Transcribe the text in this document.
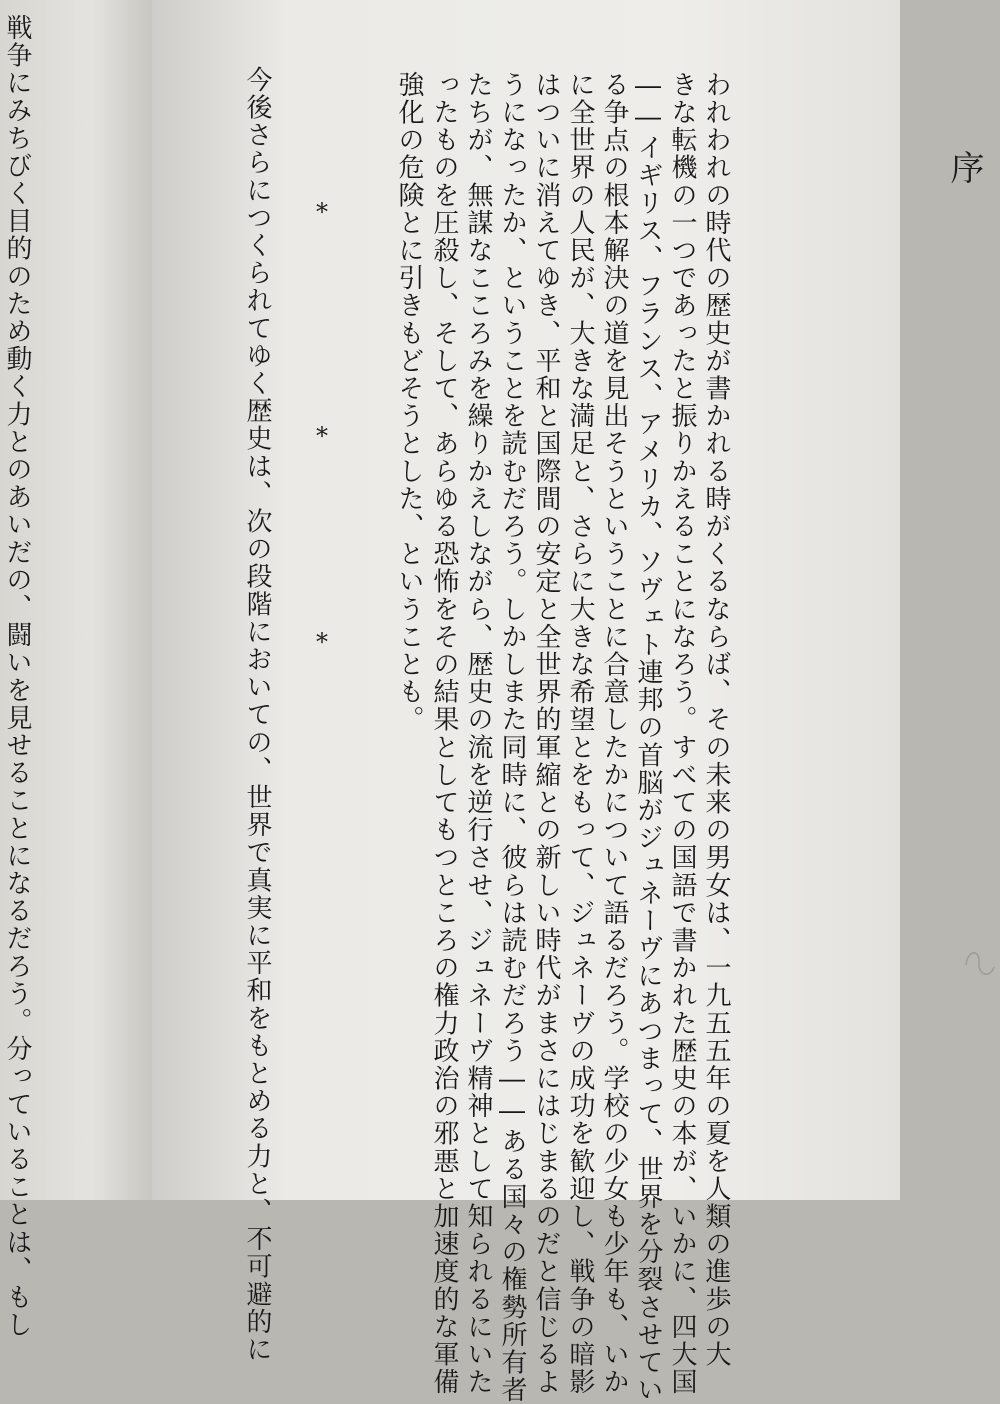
戦争にみちびく目的のため動く力とのあいだの、闘いを見せることになるだろう。分っていることは、もし	序
われわれの時代の歴史が書かれる時がくるならば、その未来の男女は、一九五五年の夏を人類の進歩の大
きな転機の一つであったと振りかえることになろう。すべての国語で書かれた歴史の本が、いかに、四大国
――イギリス、フランス、アメリカ、ソヴェト連邦の首脳がジュネーヴにあつまって、世界を分裂させてい
る争点の根本解決の道を見出そうということに合意したかについて語るだろう。学校の少女も少年も、いか
に全世界の人民が、大きな満足と、さらに大きな希望とをもって、ジュネーヴの成功を歓迎し、戦争の暗影
はついに消えてゆき、平和と国際間の安定と全世界的軍縮との新しい時代がまさにはじまるのだと信じるよ
うになったか、ということを読むだろう。しかしまた同時に、彼らは読むだろう――ある国々の権勢所有者
たちが、無謀なこころみを繰りかえしながら、歴史の流を逆行させ、ジュネーヴ精神として知られるにいた
ったものを圧殺し、そして、あらゆる恐怖をその結果としてもつところの権力政治の邪悪と加速度的な軍備
強化の危険とに引きもどそうとした、ということも。
*
*
*
今後さらにつくられてゆく歴史は、次の段階においての、世界で真実に平和をもとめる力と、不可避的に
